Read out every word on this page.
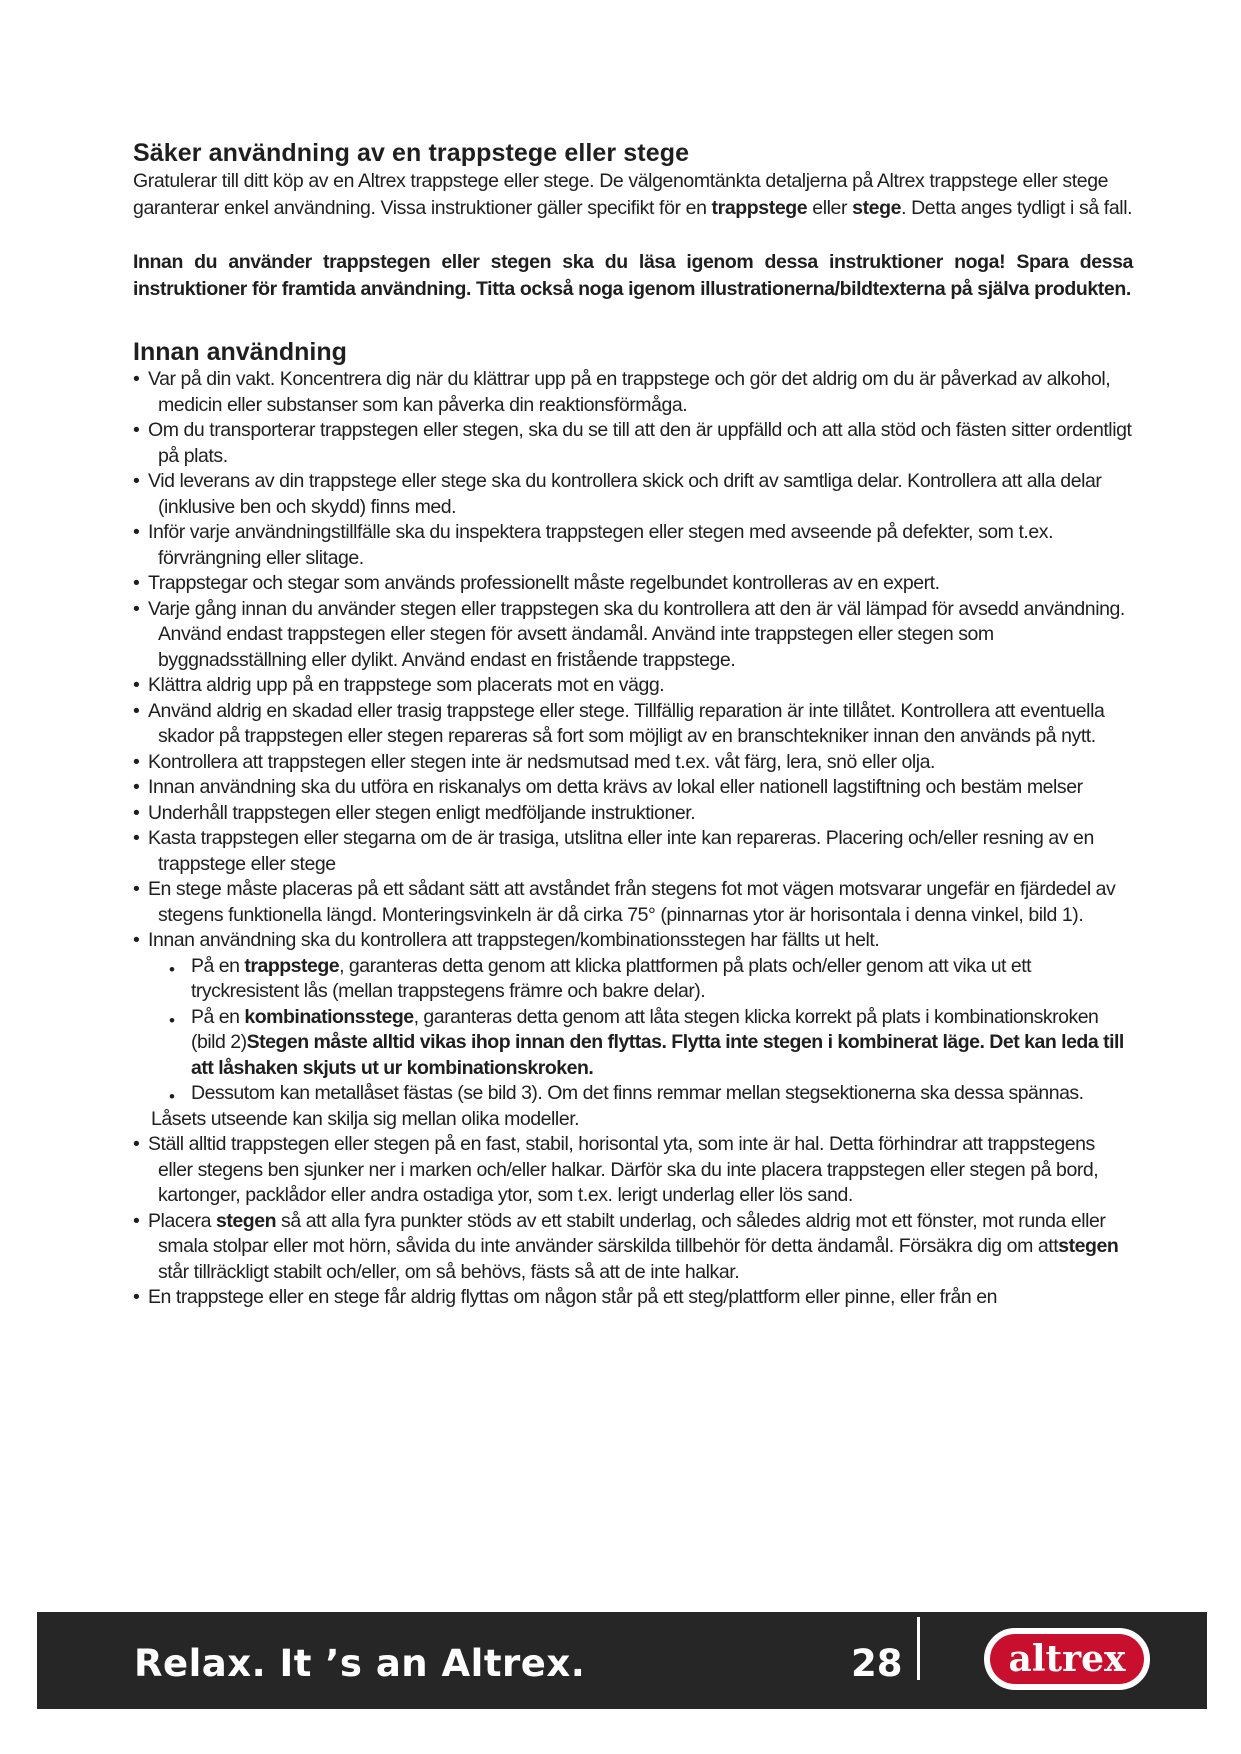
Säker användning av en trappstege eller stege

Gratulerar till ditt köp av en Altrex trappstege eller stege. De välgenomtänkta detaljerna på Altrex trappstege eller stege garanterar enkel användning. Vissa instruktioner gäller specifikt för en trappstege eller stege. Detta anges tydligt i så fall.

Innan du använder trappstegen eller stegen ska du läsa igenom dessa instruktioner noga! Spara dessa instruktioner för framtida användning. Titta också noga igenom illustrationerna/bildtexterna på själva produkten.

Innan användning
• Var på din vakt. Koncentrera dig när du klättrar upp på en trappstege och gör det aldrig om du är påverkad av alkohol, medicin eller substanser som kan påverka din reaktionsförmåga.
• Om du transporterar trappstegen eller stegen, ska du se till att den är uppfälld och att alla stöd och fästen sitter ordentligt på plats.
• Vid leverans av din trappstege eller stege ska du kontrollera skick och drift av samtliga delar. Kontrollera att alla delar (inklusive ben och skydd) finns med.
• Inför varje användningstillfälle ska du inspektera trappstegen eller stegen med avseende på defekter, som t.ex. förvrängning eller slitage.
• Trappstegar och stegar som används professionellt måste regelbundet kontrolleras av en expert.
• Varje gång innan du använder stegen eller trappstegen ska du kontrollera att den är väl lämpad för avsedd användning. Använd endast trappstegen eller stegen för avsett ändamål. Använd inte trappstegen eller stegen som byggnadsställning eller dylikt. Använd endast en fristående trappstege.
• Klättra aldrig upp på en trappstege som placerats mot en vägg.
• Använd aldrig en skadad eller trasig trappstege eller stege. Tillfällig reparation är inte tillåtet. Kontrollera att eventuella skador på trappstegen eller stegen repareras så fort som möjligt av en branschtekniker innan den används på nytt.
• Kontrollera att trappstegen eller stegen inte är nedsmutsad med t.ex. våt färg, lera, snö eller olja.
• Innan användning ska du utföra en riskanalys om detta krävs av lokal eller nationell lagstiftning och bestäm melser
• Underhåll trappstegen eller stegen enligt medföljande instruktioner.
• Kasta trappstegen eller stegarna om de är trasiga, utslitna eller inte kan repareras. Placering och/eller resning av en trappstege eller stege
• En stege måste placeras på ett sådant sätt att avståndet från stegens fot mot vägen motsvarar ungefär en fjärdedel av stegens funktionella längd. Monteringsvinkeln är då cirka 75° (pinnarnas ytor är horisontala i denna vinkel, bild 1).
• Innan användning ska du kontrollera att trappstegen/kombinationsstegen har fällts ut helt.
• På en trappstege, garanteras detta genom att klicka plattformen på plats och/eller genom att vika ut ett tryckresistent lås (mellan trappstegens främre och bakre delar).
• På en kombinationsstege, garanteras detta genom att låta stegen klicka korrekt på plats i kombinationskroken (bild 2)Stegen måste alltid vikas ihop innan den flyttas. Flytta inte stegen i kombinerat läge. Det kan leda till att låshaken skjuts ut ur kombinationskroken.
• Dessutom kan metallåset fästas (se bild 3). Om det finns remmar mellan stegsektionerna ska dessa spännas.
Låsets utseende kan skilja sig mellan olika modeller.
• Ställ alltid trappstegen eller stegen på en fast, stabil, horisontal yta, som inte är hal. Detta förhindrar att trappstegens eller stegens ben sjunker ner i marken och/eller halkar. Därför ska du inte placera trappstegen eller stegen på bord, kartonger, packlådor eller andra ostadiga ytor, som t.ex. lerigt underlag eller lös sand.
• Placera stegen så att alla fyra punkter stöds av ett stabilt underlag, och således aldrig mot ett fönster, mot runda eller smala stolpar eller mot hörn, såvida du inte använder särskilda tillbehör för detta ändamål. Försäkra dig om attstegen står tillräckligt stabilt och/eller, om så behövs, fästs så att de inte halkar.
• En trappstege eller en stege får aldrig flyttas om någon står på ett steg/plattform eller pinne, eller från en
Relax. It ’s an Altrex.	28	altrex
